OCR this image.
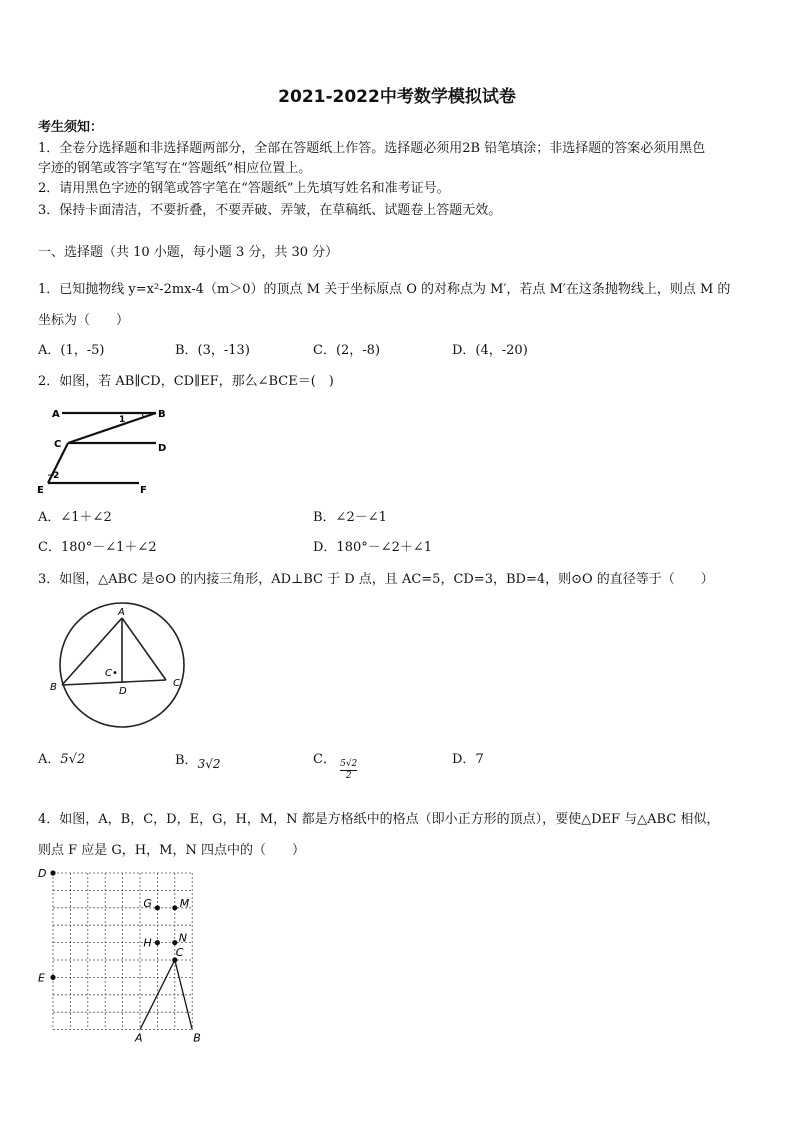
2021-2022中考数学模拟试卷
考生须知：
1．全卷分选择题和非选择题两部分，全部在答题纸上作答。选择题必须用2B 铅笔填涂；非选择题的答案必须用黑色
字迹的钢笔或答字笔写在“答题纸”相应位置上。
2．请用黑色字迹的钢笔或答字笔在“答题纸”上先填写姓名和准考证号。
3．保持卡面清洁，不要折叠，不要弄破、弄皱，在草稿纸、试题卷上答题无效。
一、选择题（共 10 小题，每小题 3 分，共 30 分）
1．已知抛物线 y=x²-2mx-4（m＞0）的顶点 M 关于坐标原点 O 的对称点为 M′，若点 M′在这条抛物线上，则点 M 的
坐标为（　　）
A．(1，-5)	B．(3，-13)	C．(2，-8)	D．(4，-20)
2．如图，若 AB∥CD，CD∥EF，那么∠BCE＝(　)
A	B
C	D
E	F
1
2
A．∠1＋∠2	B．∠2－∠1
C．180°－∠1＋∠2	D．180°－∠2＋∠1
3．如图，△ABC 是⊙O 的内接三角形，AD⊥BC 于 D 点，且 AC=5，CD=3，BD=4，则⊙O 的直径等于（　　）
A
B	C
D
C•
A．5√2	B．3√2	C． $\frac{5√2}{2}$	D．7
4．如图，A，B，C，D，E，G，H，M，N 都是方格纸中的格点（即小正方形的顶点），要使△DEF 与△ABC 相似，
则点 F 应是 G，H，M，N 四点中的（　　）
D
E
G	M
H N
C
A	B
